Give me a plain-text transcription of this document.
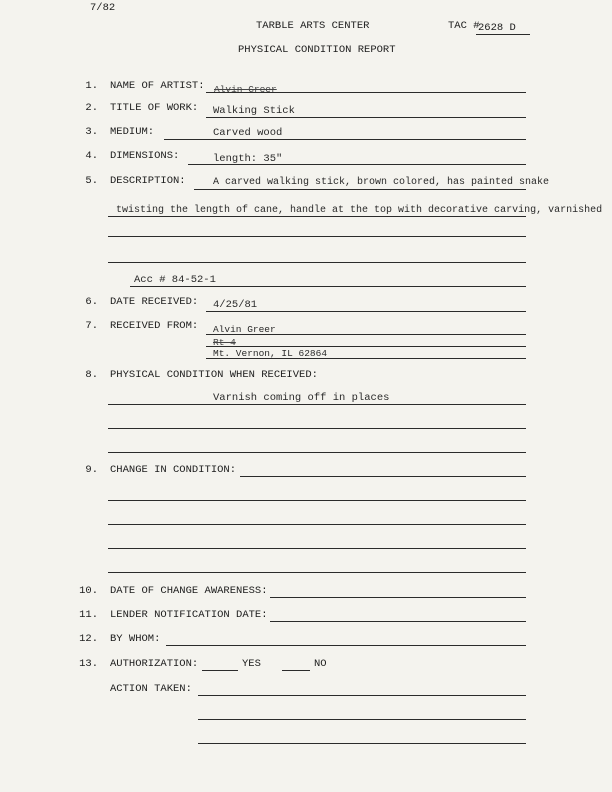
7/82
TARBLE ARTS CENTER	TAC #
2628 D
PHYSICAL CONDITION REPORT
1. NAME OF ARTIST: Alvin Greer
2. TITLE OF WORK: Walking Stick
3. MEDIUM:	Carved wood
4. DIMENSIONS:	length: 35"
5. DESCRIPTION:	A carved walking stick, brown colored, has painted snake
twisting the length of cane, handle at the top with decorative carving, varnished
Acc # 84-52-1
6. DATE RECEIVED: 4/25/81
7. RECEIVED FROM: Alvin Greer
Rt 4
Mt. Vernon, IL 62864
8. PHYSICAL CONDITION WHEN RECEIVED:
Varnish coming off in places
9. CHANGE IN CONDITION:
10. DATE OF CHANGE AWARENESS:
11. LENDER NOTIFICATION DATE:
12. BY WHOM:
13. AUTHORIZATION:	YES	NO
ACTION TAKEN:
